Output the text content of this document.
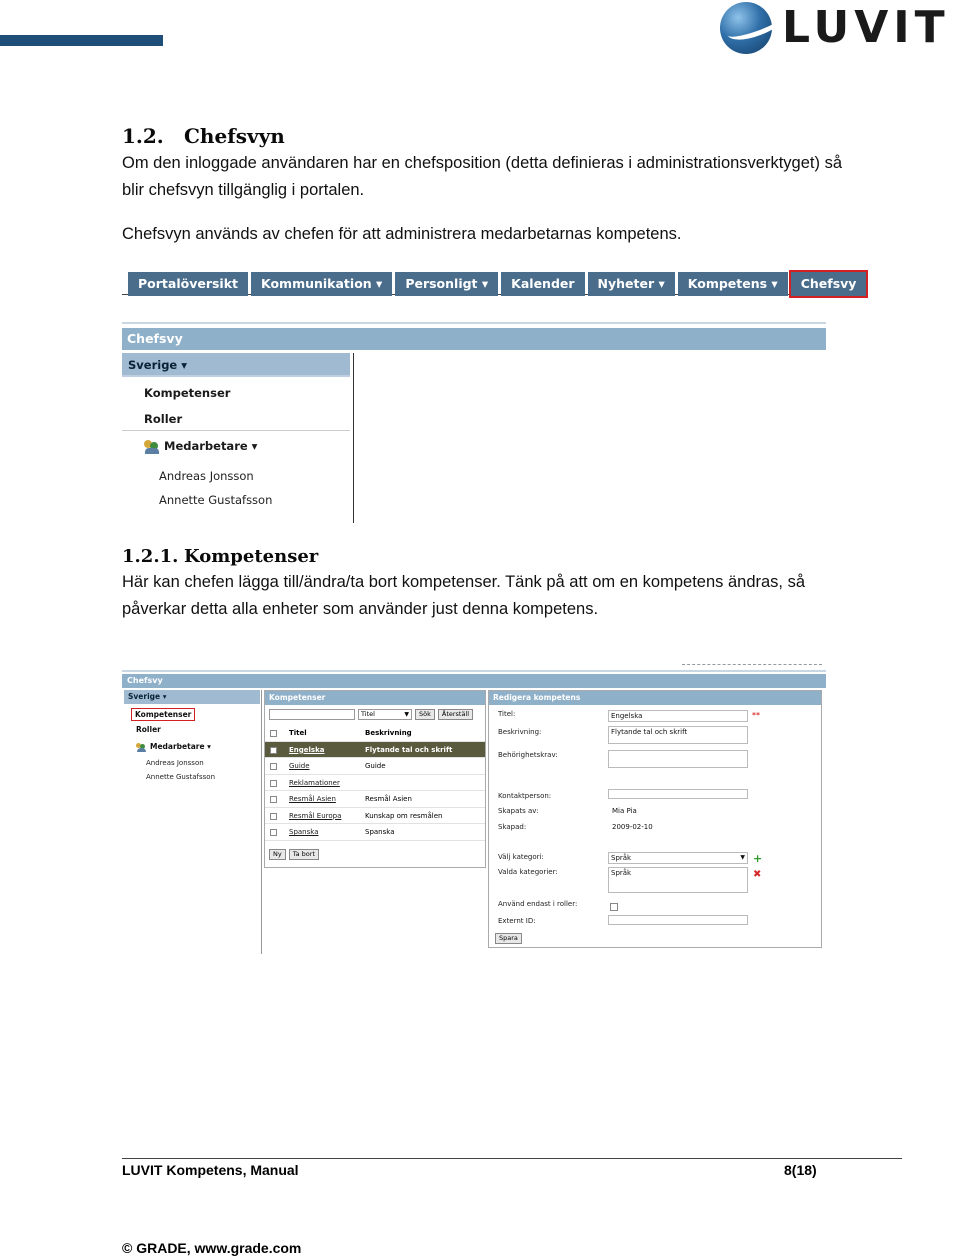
LUVIT
1.2. Chefsvyn
Om den inloggade användaren har en chefsposition (detta definieras i administrationsverktyget) så
blir chefsvyn tillgänglig i portalen.
Chefsvyn används av chefen för att administrera medarbetarnas kompetens.
Portalöversikt	Kommunikation ▾	Personligt ▾	Kalender	Nyheter ▾	Kompetens ▾	Chefsvy
Chefsvy
Sverige ▾
Kompetenser
Roller
Medarbetare ▾
Andreas Jonsson
Annette Gustafsson
1.2.1. Kompetenser
Här kan chefen lägga till/ändra/ta bort kompetenser. Tänk på att om en kompetens ändras, så
påverkar detta alla enheter som använder just denna kompetens.
Chefsvy
Sverige ▾
Kompetenser
Roller
Medarbetare ▾
Andreas Jonsson
Annette Gustafsson
Kompetenser
Titel	▼	Sök	Återställ
Titel	Beskrivning
Engelska	Flytande tal och skrift
Guide	Guide
Reklamationer
Resmål Asien	Resmål Asien
Resmål Europa	Kunskap om resmålen
Spanska	Spanska
Ny	Ta bort
Redigera kompetens
Titel:	Engelska	**
Beskrivning:	Flytande tal och skrift
Behörighetskrav:
Kontaktperson:
Skapats av:	Mia Pia
Skapad:	2009-02-10
Välj kategori:	Språk	▼ +
Valda kategorier:	Språk	✖
Använd endast i roller:
Externt ID:
Spara
LUVIT Kompetens, Manual	8(18)
© GRADE, www.grade.com
